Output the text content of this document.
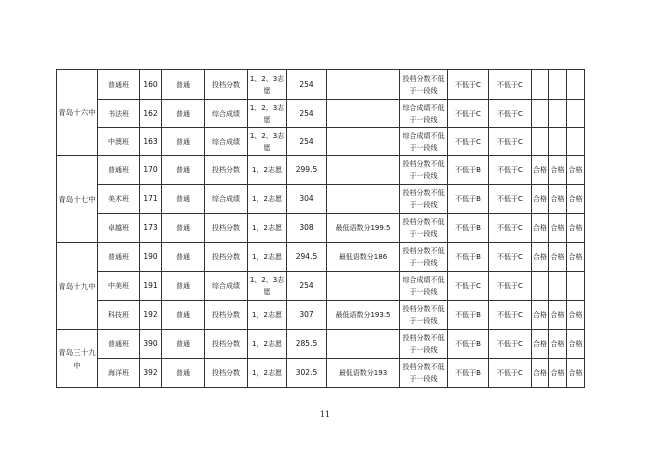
青岛十六中	普通班	160	普通	投档分数	1、2、3志愿	254		投档分数不低于一段线	不低于C	不低于C			
	书法班	162	普通	综合成绩	1、2、3志愿	254		综合成绩不低于一段线	不低于C	不低于C			
	中澳班	163	普通	综合成绩	1、2、3志愿	254		综合成绩不低于一段线	不低于C	不低于C			

青岛十七中	普通班	170	普通	投档分数	1，2志愿	299.5		投档分数不低于一段线	不低于B	不低于C	合格	合格	合格
	美术班	171	普通	综合成绩	1，2志愿	304		投档分数不低于一段线	不低于B	不低于C	合格	合格	合格
	卓越班	173	普通	投档分数	1，2志愿	308	最低语数分199.5	投档分数不低于一段线	不低于B	不低于C	合格	合格	合格

青岛十九中	普通班	190	普通	投档分数	1，2志愿	294.5	最低语数分186	投档分数不低于一段线	不低于B	不低于C	合格	合格	合格
	中美班	191	普通	综合成绩	1、2、3志愿	254		综合成绩不低于一段线	不低于C	不低于C			
	科技班	192	普通	投档分数	1，2志愿	307	最低语数分193.5	投档分数不低于一段线	不低于B	不低于C	合格	合格	合格

青岛三十九中	普通班	390	普通	投档分数	1，2志愿	285.5		投档分数不低于一段线	不低于B	不低于C	合格	合格	合格
	海洋班	392	普通	投档分数	1，2志愿	302.5	最低语数分193	投档分数不低于一段线	不低于B	不低于C	合格	合格	合格
11
